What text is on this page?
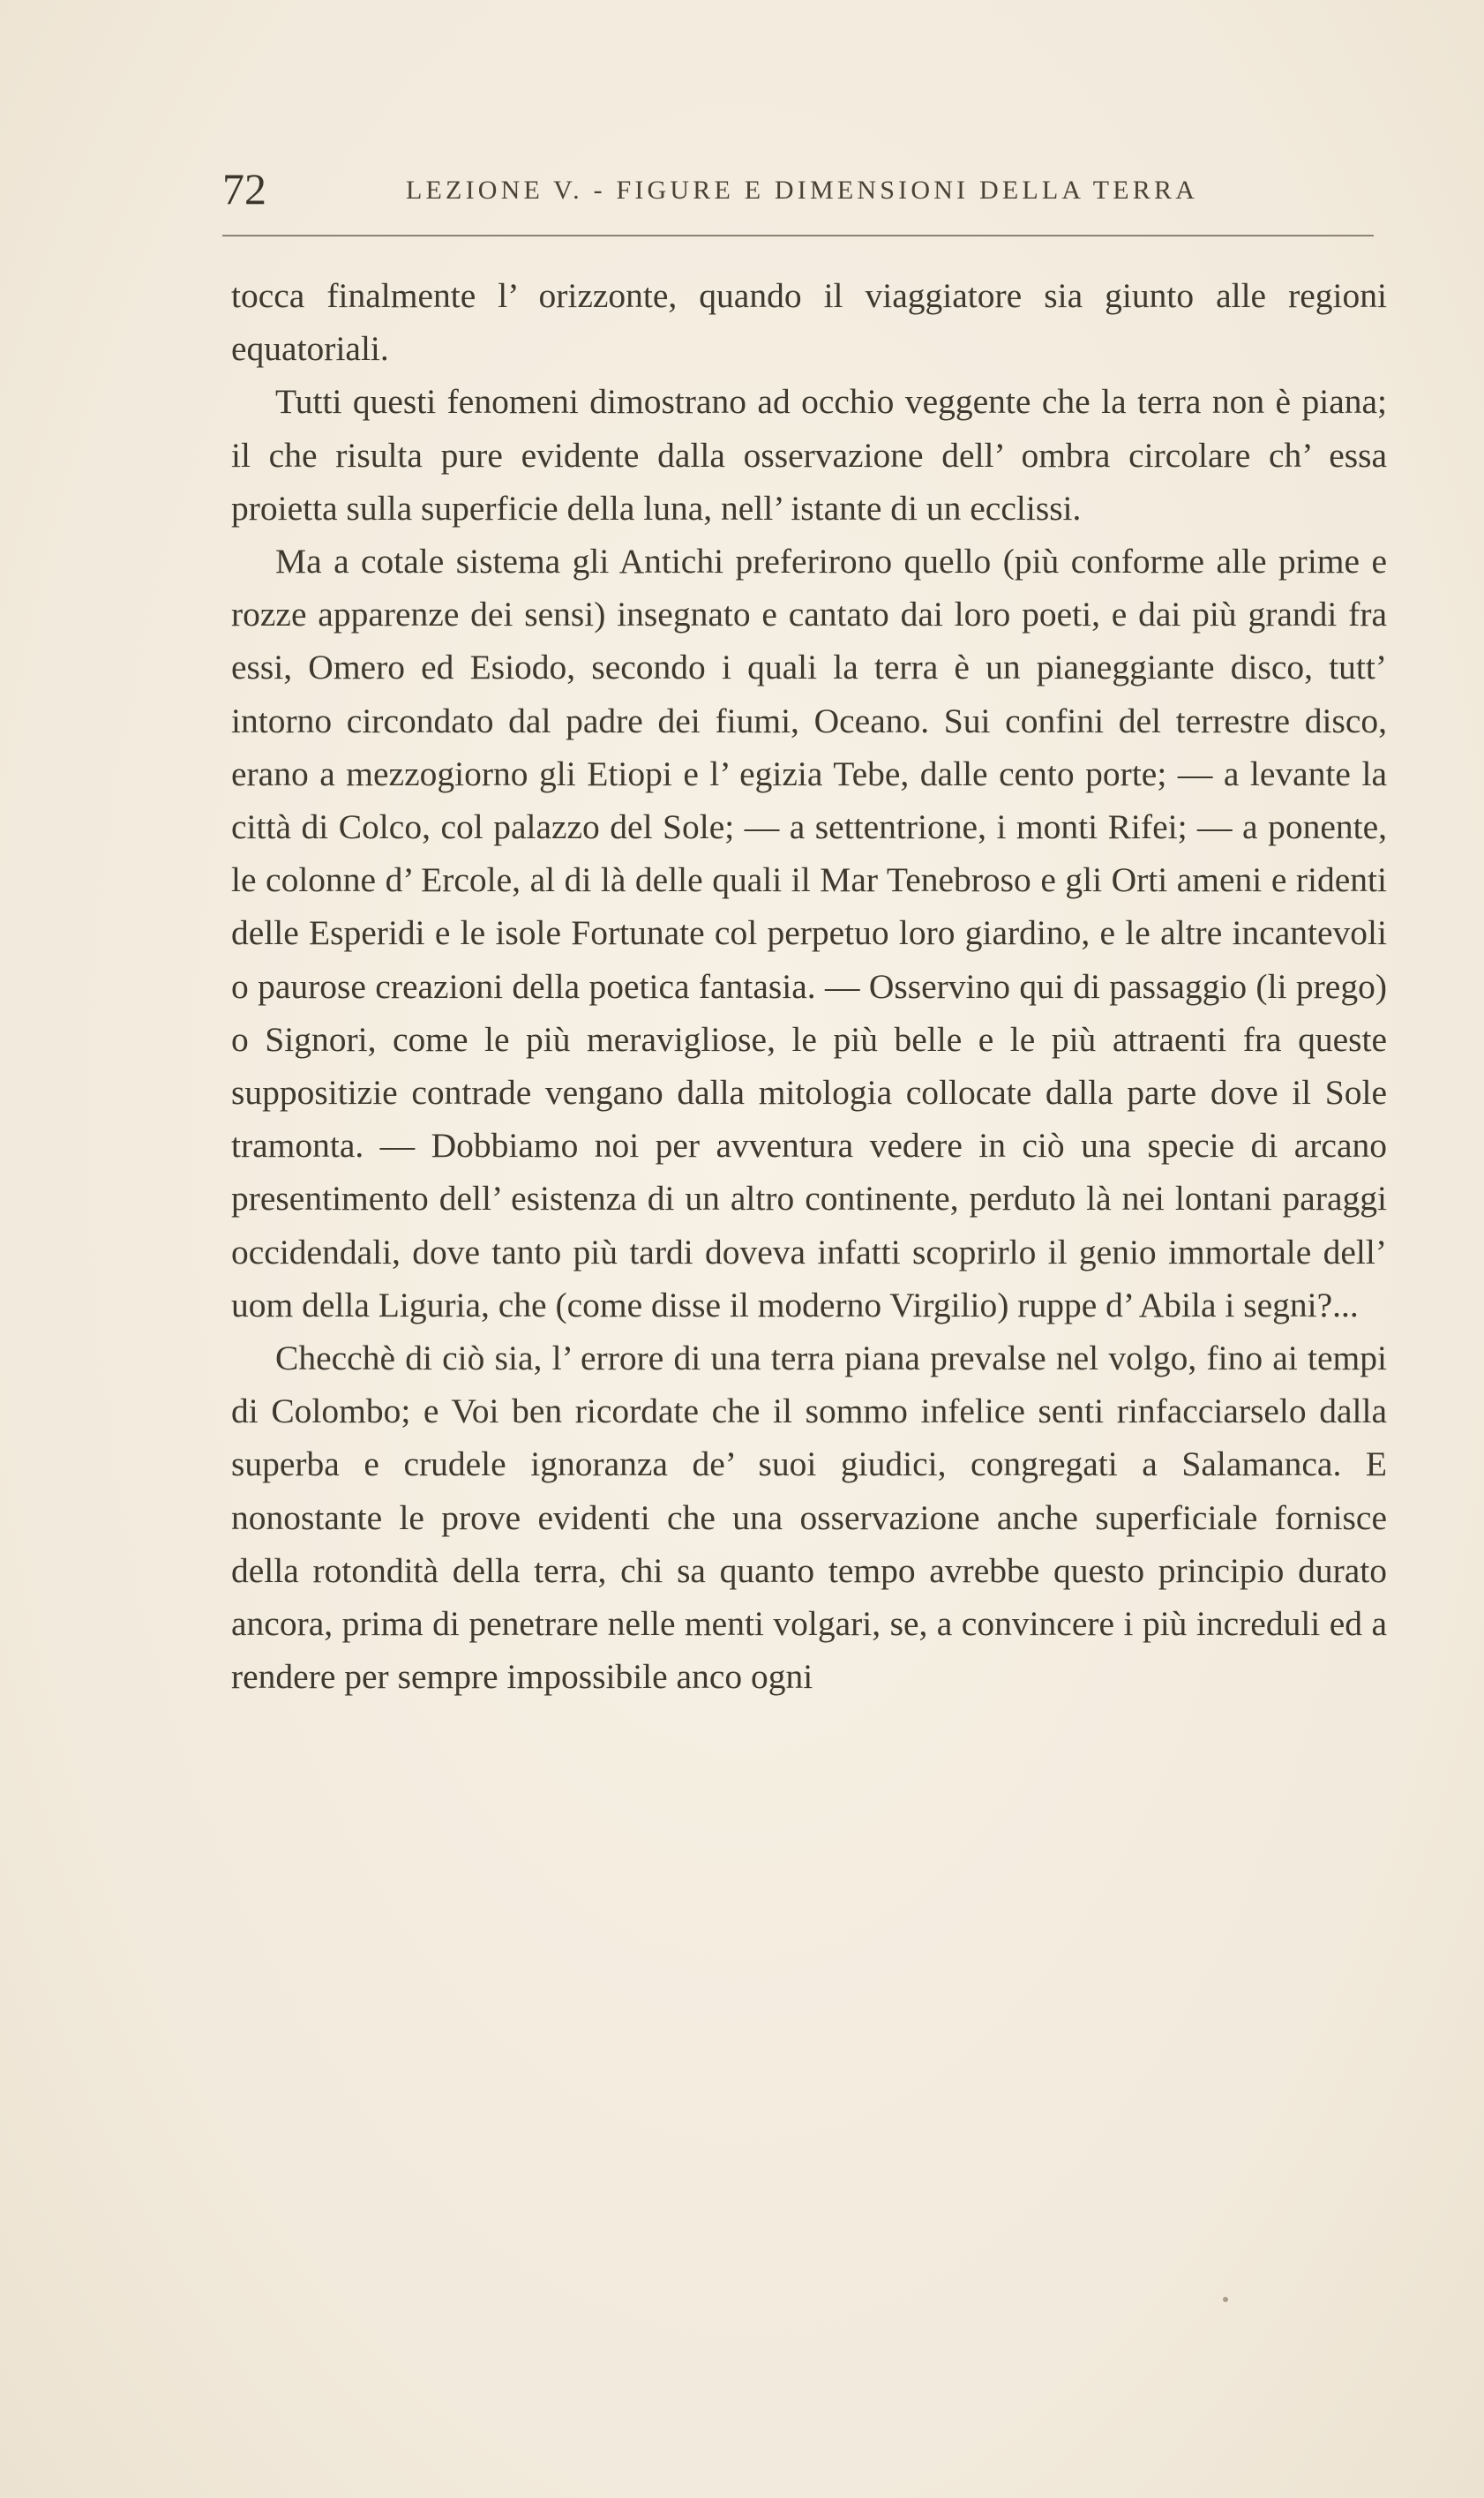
72	LEZIONE V. - FIGURE E DIMENSIONI DELLA TERRA

tocca finalmente l’ orizzonte, quando il viaggiatore sia giunto alle regioni equatoriali.

Tutti questi fenomeni dimostrano ad occhio veggente che la terra non è piana; il che risulta pure evidente dalla osservazione dell’ ombra circolare ch’ essa proietta sulla superficie della luna, nell’ istante di un ecclissi.

Ma a cotale sistema gli Antichi preferirono quello (più conforme alle prime e rozze apparenze dei sensi) insegnato e cantato dai loro poeti, e dai più grandi fra essi, Omero ed Esiodo, secondo i quali la terra è un pianeggiante disco, tutt’ intorno circondato dal padre dei fiumi, Oceano. Sui confini del terrestre disco, erano a mezzogiorno gli Etiopi e l’ egizia Tebe, dalle cento porte; — a levante la città di Colco, col palazzo del Sole; — a settentrione, i monti Rifei; — a ponente, le colonne d’ Ercole, al di là delle quali il Mar Tenebroso e gli Orti ameni e ridenti delle Esperidi e le isole Fortunate col perpetuo loro giardino, e le altre incantevoli o paurose creazioni della poetica fantasia. — Osservino qui di passaggio (li prego) o Signori, come le più meravigliose, le più belle e le più attraenti fra queste suppositizie contrade vengano dalla mitologia collocate dalla parte dove il Sole tramonta. — Dobbiamo noi per avventura vedere in ciò una specie di arcano presentimento dell’ esistenza di un altro continente, perduto là nei lontani paraggi occidendali, dove tanto più tardi doveva infatti scoprirlo il genio immortale dell’ uom della Liguria, che (come disse il moderno Virgilio) ruppe d’ Abila i segni?...

Checchè di ciò sia, l’ errore di una terra piana prevalse nel volgo, fino ai tempi di Colombo; e Voi ben ricordate che il sommo infelice senti rinfacciarselo dalla superba e crudele ignoranza de’ suoi giudici, congregati a Salamanca. E nonostante le prove evidenti che una osservazione anche superficiale fornisce della rotondità della terra, chi sa quanto tempo avrebbe questo principio durato ancora, prima di penetrare nelle menti volgari, se, a convincere i più increduli ed a rendere per sempre impossibile anco ogni
